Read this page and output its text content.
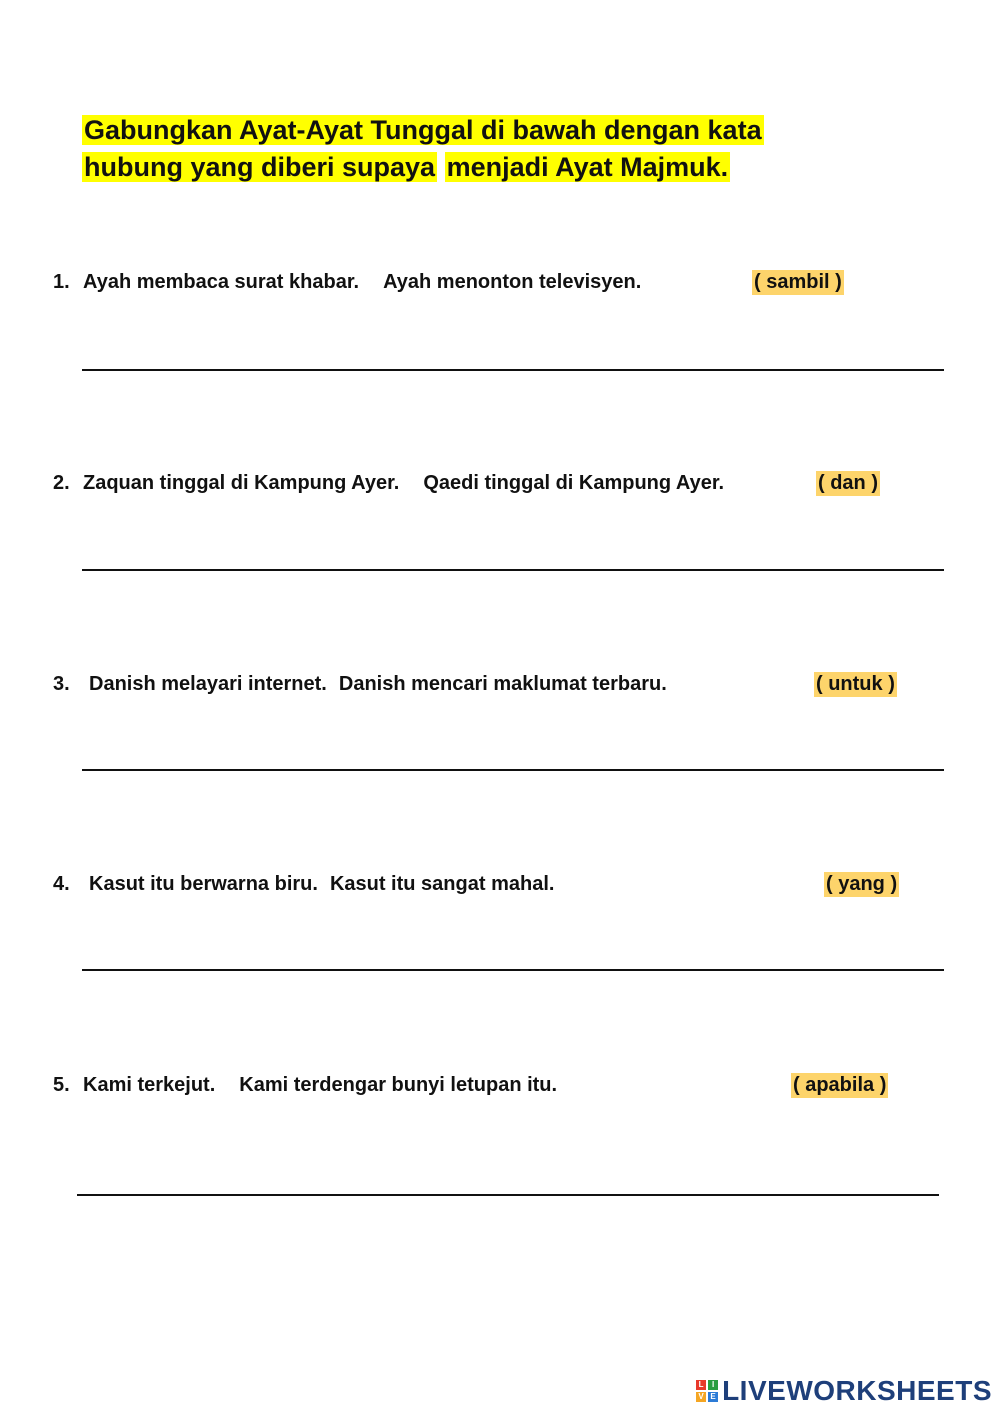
Gabungkan Ayat-Ayat Tunggal di bawah dengan kata
hubung yang diberi supaya menjadi Ayat Majmuk.
1. Ayah membaca surat khabar. Ayah menonton televisyen.	( sambil )
2. Zaquan tinggal di Kampung Ayer. Qaedi tinggal di Kampung Ayer.	( dan )
3. Danish melayari internet. Danish mencari maklumat terbaru.	( untuk )
4. Kasut itu berwarna biru. Kasut itu sangat mahal.	( yang )
5. Kami terkejut. Kami terdengar bunyi letupan itu.	( apabila )
L	I
V E LIVEWORKSHEETS
